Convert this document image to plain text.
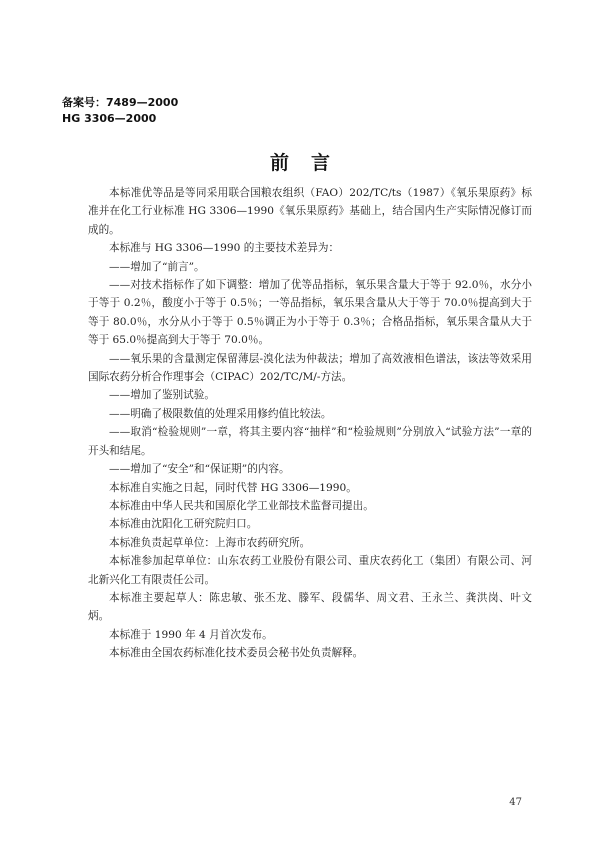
备案号：7489—2000
HG 3306—2000
前言

本标准优等品是等同采用联合国粮农组织（FAO）202/TC/ts（1987）《氧乐果原药》标准并在化工行业标准 HG 3306—1990《氧乐果原药》基础上，结合国内生产实际情况修订而成的。

本标准与 HG 3306—1990 的主要技术差异为：

——增加了“前言”。

——对技术指标作了如下调整：增加了优等品指标，氧乐果含量大于等于 92.0％，水分小于等于 0.2％，酸度小于等于 0.5％；一等品指标，氧乐果含量从大于等于 70.0％提高到大于等于 80.0％，水分从小于等于 0.5％调正为小于等于 0.3％；合格品指标，氧乐果含量从大于等于 65.0％提高到大于等于 70.0％。

——氧乐果的含量测定保留薄层-溴化法为仲裁法；增加了高效液相色谱法，该法等效采用国际农药分析合作理事会（CIPAC）202/TC/M/-方法。

——增加了鉴别试验。

——明确了极限数值的处理采用修约值比较法。

——取消“检验规则”一章，将其主要内容“抽样”和“检验规则”分别放入“试验方法”一章的开头和结尾。

——增加了“安全”和“保证期”的内容。

本标准自实施之日起，同时代替 HG 3306—1990。

本标准由中华人民共和国原化学工业部技术监督司提出。

本标准由沈阳化工研究院归口。

本标准负责起草单位：上海市农药研究所。

本标准参加起草单位：山东农药工业股份有限公司、重庆农药化工（集团）有限公司、河北新兴化工有限责任公司。

本标准主要起草人：陈忠敏、张丕龙、滕军、段儒华、周文君、王永兰、龚洪岗、叶文炳。

本标准于 1990 年 4 月首次发布。

本标准由全国农药标准化技术委员会秘书处负责解释。

47
